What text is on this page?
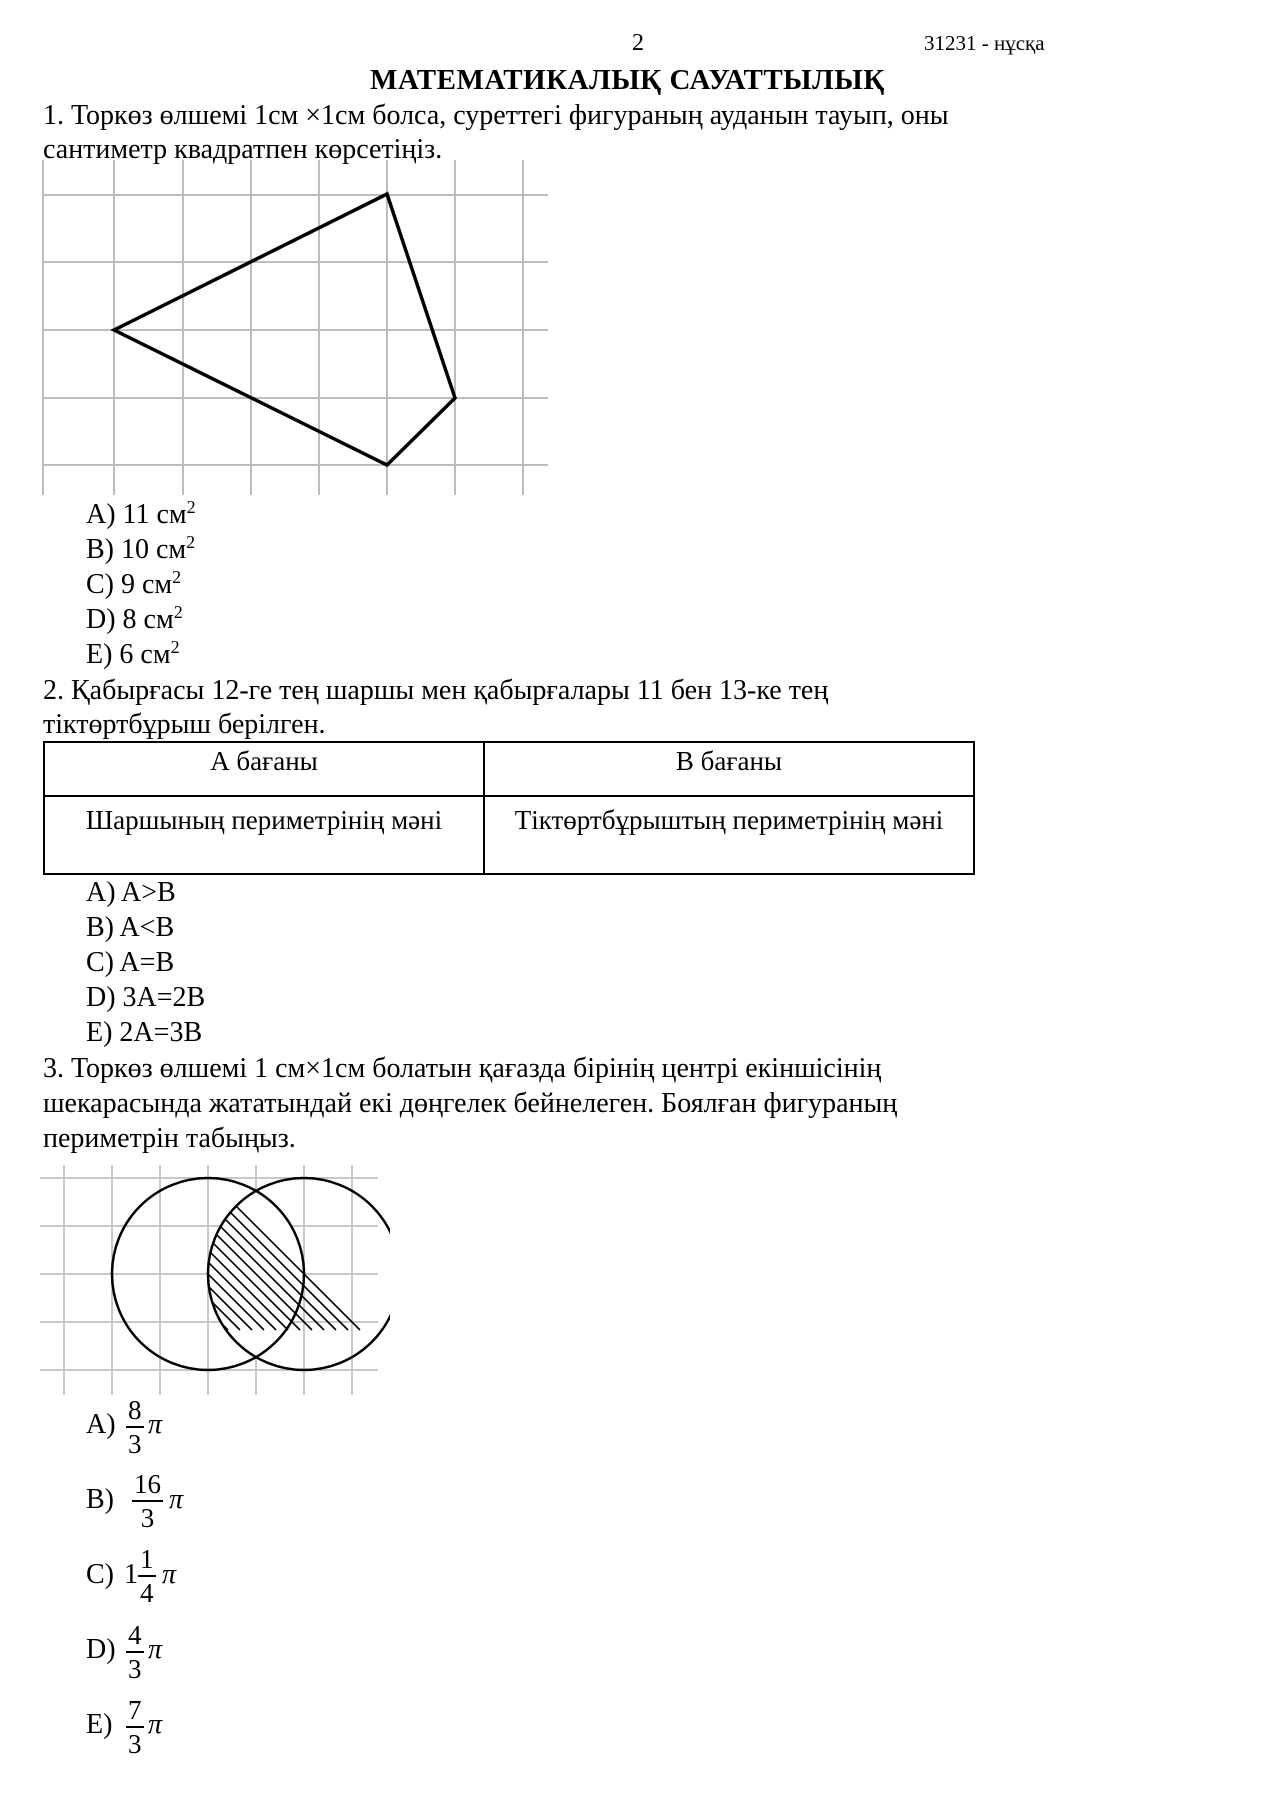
2	31231 - нұсқа
МАТЕМАТИКАЛЫҚ САУАТТЫЛЫҚ
1. Торкөз өлшемі 1см ×1см болса, суреттегі фигураның ауданын тауып, оны
сантиметр квадратпен көрсетіңіз.
A) 11 $см^2$
B) 10 $см^2$
C) 9 $см^2$
D) 8 $см^2$
E) 6 $см^2$
2. Қабырғасы 12-ге тең шаршы мен қабырғалары 11 бен 13-ке тең
тіктөртбұрыш берілген.
А бағаны	В бағаны
Шаршының периметрінің мәні	Тіктөртбұрыштың периметрінің мәні
A) A>B
B) A<B
C) A=B
D) 3A=2B
E) 2A=3B
3. Торкөз өлшемі 1 см×1см болатын қағазда бірінің центрі екіншісінің
шекарасында жататындай екі дөңгелек бейнелеген. Боялған фигураның
периметрін табыңыз.
$A) \frac{8}{3}$ π
$B) \frac{16}{3}$ π
C) $1 \frac{1}{4}$ π
$D) \frac{4}{3}$ π
$E) \frac{7}{3}$ π
